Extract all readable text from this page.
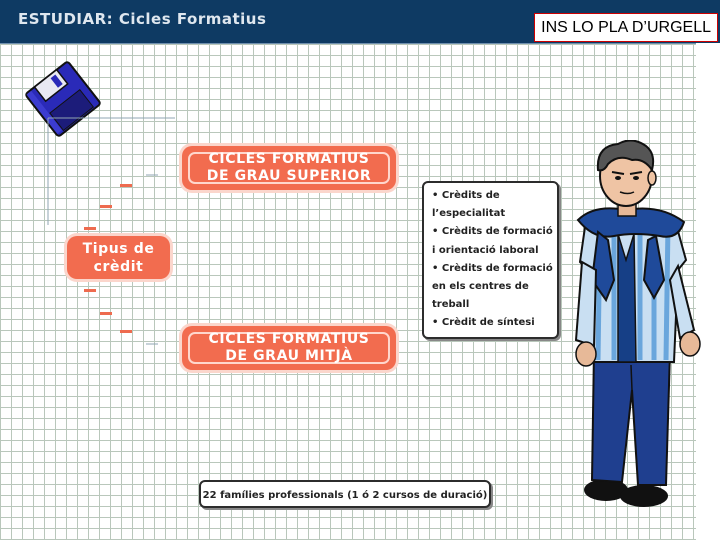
ESTUDIAR: Cicles Formatius	INS LO PLA D’URGELL
Tipus de
crèdit
CICLES FORMATIUS
DE GRAU SUPERIOR
CICLES FORMATIUS
DE GRAU MITJÀ
• Crèdits de
l’especialitat
• Crèdits de formació
i orientació laboral
• Crèdits de formació
en els centres de
treball
• Crèdit de síntesi
22 famílies professionals (1 ó 2 cursos de duració)
